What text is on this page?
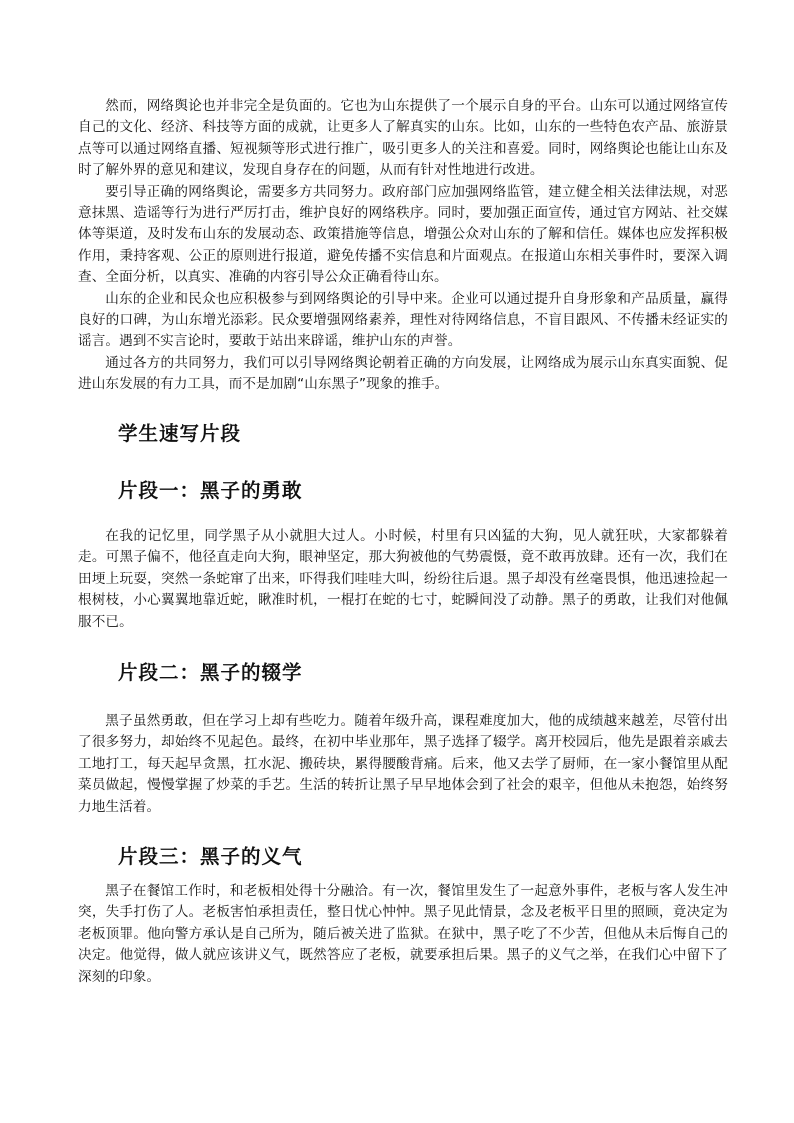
然而，网络舆论也并非完全是负面的。它也为山东提供了一个展示自身的平台。山东可以通过网络宣传自己的文化、经济、科技等方面的成就，让更多人了解真实的山东。比如，山东的一些特色农产品、旅游景点等可以通过网络直播、短视频等形式进行推广，吸引更多人的关注和喜爱。同时，网络舆论也能让山东及时了解外界的意见和建议，发现自身存在的问题，从而有针对性地进行改进。

要引导正确的网络舆论，需要多方共同努力。政府部门应加强网络监管，建立健全相关法律法规，对恶意抹黑、造谣等行为进行严厉打击，维护良好的网络秩序。同时，要加强正面宣传，通过官方网站、社交媒体等渠道，及时发布山东的发展动态、政策措施等信息，增强公众对山东的了解和信任。媒体也应发挥积极作用，秉持客观、公正的原则进行报道，避免传播不实信息和片面观点。在报道山东相关事件时，要深入调查、全面分析，以真实、准确的内容引导公众正确看待山东。

山东的企业和民众也应积极参与到网络舆论的引导中来。企业可以通过提升自身形象和产品质量，赢得良好的口碑，为山东增光添彩。民众要增强网络素养，理性对待网络信息，不盲目跟风、不传播未经证实的谣言。遇到不实言论时，要敢于站出来辟谣，维护山东的声誉。

通过各方的共同努力，我们可以引导网络舆论朝着正确的方向发展，让网络成为展示山东真实面貌、促进山东发展的有力工具，而不是加剧“山东黑子”现象的推手。

学生速写片段
片段一：黑子的勇敢

在我的记忆里，同学黑子从小就胆大过人。小时候，村里有只凶猛的大狗，见人就狂吠，大家都躲着走。可黑子偏不，他径直走向大狗，眼神坚定，那大狗被他的气势震慑，竟不敢再放肆。还有一次，我们在田埂上玩耍，突然一条蛇窜了出来，吓得我们哇哇大叫，纷纷往后退。黑子却没有丝毫畏惧，他迅速捡起一根树枝，小心翼翼地靠近蛇，瞅准时机，一棍打在蛇的七寸，蛇瞬间没了动静。黑子的勇敢，让我们对他佩服不已。

片段二：黑子的辍学

黑子虽然勇敢，但在学习上却有些吃力。随着年级升高，课程难度加大，他的成绩越来越差，尽管付出了很多努力，却始终不见起色。最终，在初中毕业那年，黑子选择了辍学。离开校园后，他先是跟着亲戚去工地打工，每天起早贪黑，扛水泥、搬砖块，累得腰酸背痛。后来，他又去学了厨师，在一家小餐馆里从配菜员做起，慢慢掌握了炒菜的手艺。生活的转折让黑子早早地体会到了社会的艰辛，但他从未抱怨，始终努力地生活着。

片段三：黑子的义气

黑子在餐馆工作时，和老板相处得十分融洽。有一次，餐馆里发生了一起意外事件，老板与客人发生冲突，失手打伤了人。老板害怕承担责任，整日忧心忡忡。黑子见此情景，念及老板平日里的照顾，竟决定为老板顶罪。他向警方承认是自己所为，随后被关进了监狱。在狱中，黑子吃了不少苦，但他从未后悔自己的决定。他觉得，做人就应该讲义气，既然答应了老板，就要承担后果。黑子的义气之举，在我们心中留下了深刻的印象。
